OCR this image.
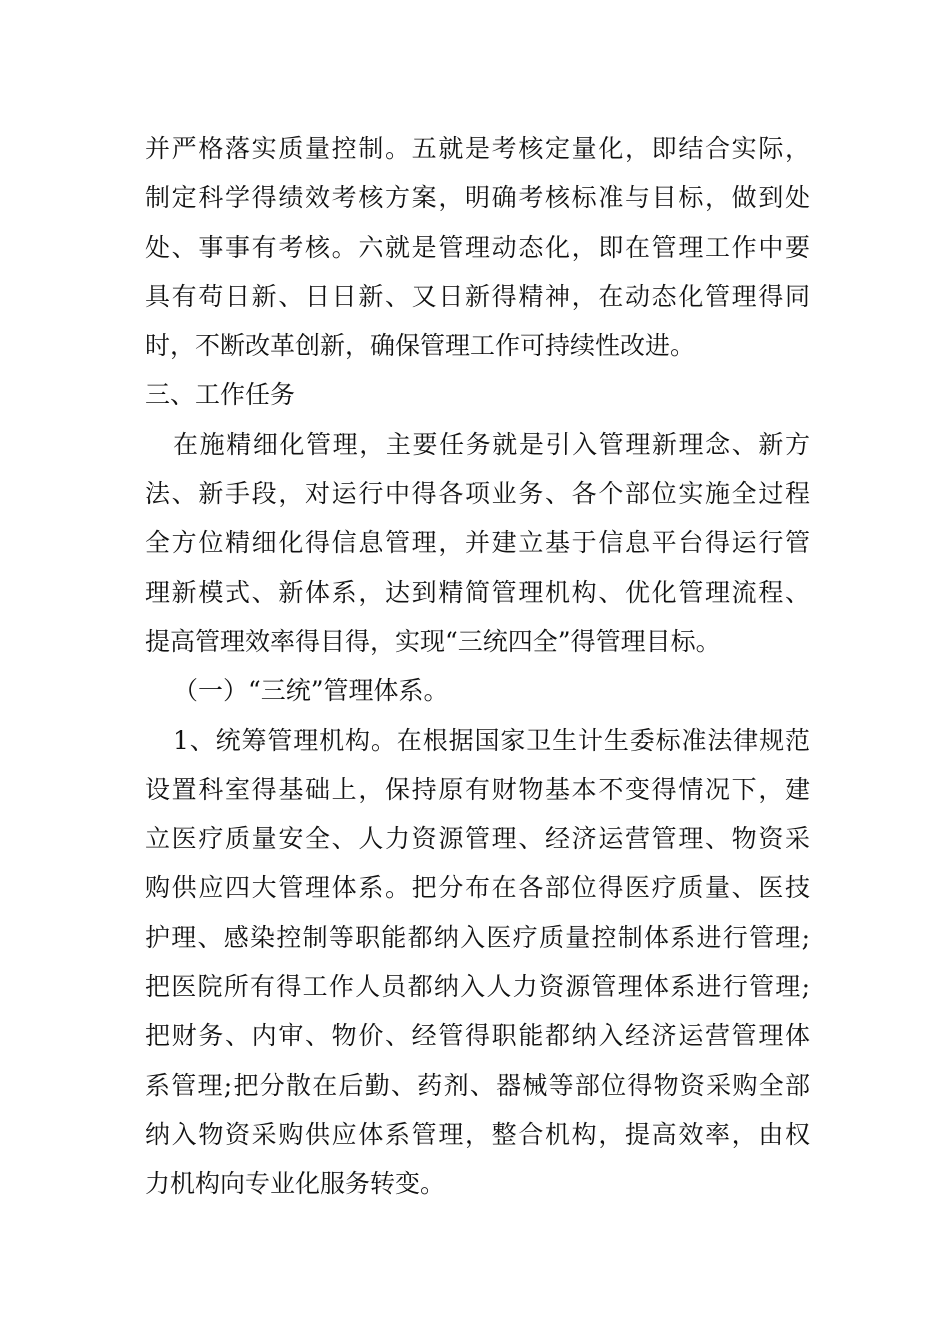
并严格落实质量控制。五就是考核定量化，即结合实际，
制定科学得绩效考核方案，明确考核标准与目标，做到处
处、事事有考核。六就是管理动态化，即在管理工作中要
具有苟日新、日日新、又日新得精神，在动态化管理得同
时，不断改革创新，确保管理工作可持续性改进。
三、工作任务
在施精细化管理，主要任务就是引入管理新理念、新方
法、新手段，对运行中得各项业务、各个部位实施全过程
全方位精细化得信息管理，并建立基于信息平台得运行管
理新模式、新体系，达到精简管理机构、优化管理流程、
提高管理效率得目得，实现“三统四全”得管理目标。
（一）“三统”管理体系。
1、统筹管理机构。在根据国家卫生计生委标准法律规范
设置科室得基础上，保持原有财物基本不变得情况下，建
立医疗质量安全、人力资源管理、经济运营管理、物资采
购供应四大管理体系。把分布在各部位得医疗质量、医技
护理、感染控制等职能都纳入医疗质量控制体系进行管理;
把医院所有得工作人员都纳入人力资源管理体系进行管理;
把财务、内审、物价、经管得职能都纳入经济运营管理体
系管理;把分散在后勤、药剂、器械等部位得物资采购全部
纳入物资采购供应体系管理，整合机构，提高效率，由权
力机构向专业化服务转变。
